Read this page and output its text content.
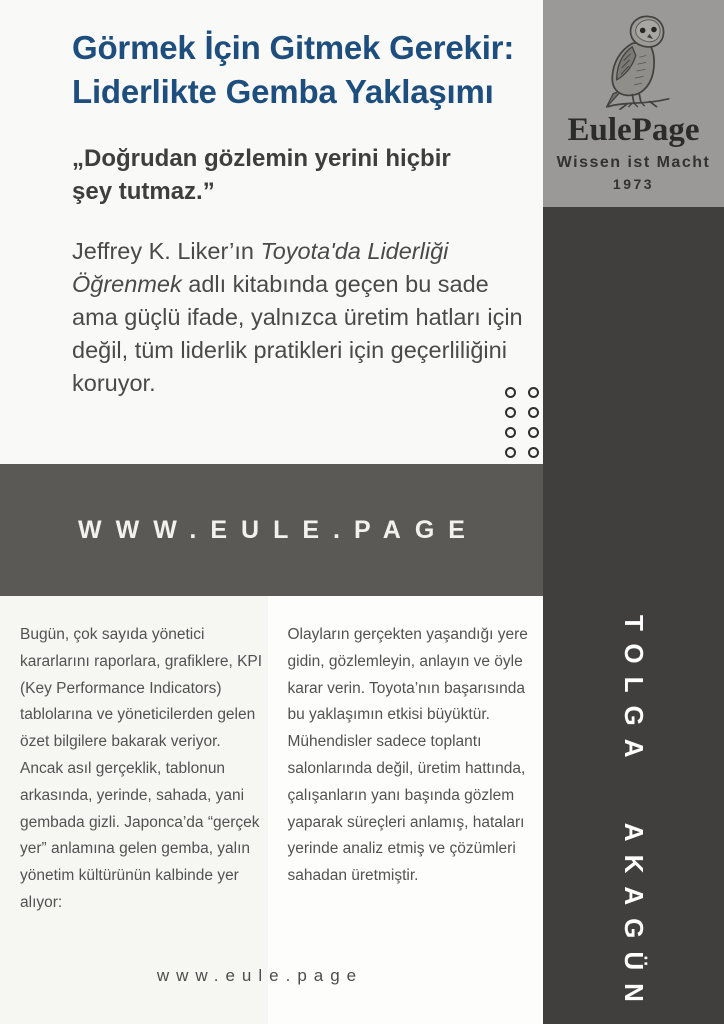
Görmek İçin Gitmek Gerekir: Liderlikte Gemba Yaklaşımı

„Doğrudan gözlemin yerini hiçbir şey tutmaz.”

Jeffrey K. Liker’ın Toyota'da Liderliği Öğrenmek adlı kitabında geçen bu sade ama güçlü ifade, yalnızca üretim hatları için değil, tüm liderlik pratikleri için geçerliliğini koruyor.

WWW.EULE.PAGE
Bugün, çok sayıda yönetici kararlarını raporlara, grafiklere, KPI (Key Performance Indicators) tablolarına ve yöneticilerden gelen özet bilgilere bakarak veriyor. Ancak asıl gerçeklik, tablonun arkasında, yerinde, sahada, yani gembada gizli. Japonca’da “gerçek yer” anlamına gelen gemba, yalın yönetim kültürünün kalbinde yer alıyor:
Olayların gerçekten yaşandığı yere gidin, gözlemleyin, anlayın ve öyle karar verin. Toyota’nın başarısında bu yaklaşımın etkisi büyüktür. Mühendisler sadece toplantı salonlarında değil, üretim hattında, çalışanların yanı başında gözlem yaparak süreçleri anlamış, hataları yerinde analiz etmiş ve çözümleri sahadan üretmiştir.
www.eule.page
EulePage
Wissen ist Macht
1973
TOLGA AKAGÜN
